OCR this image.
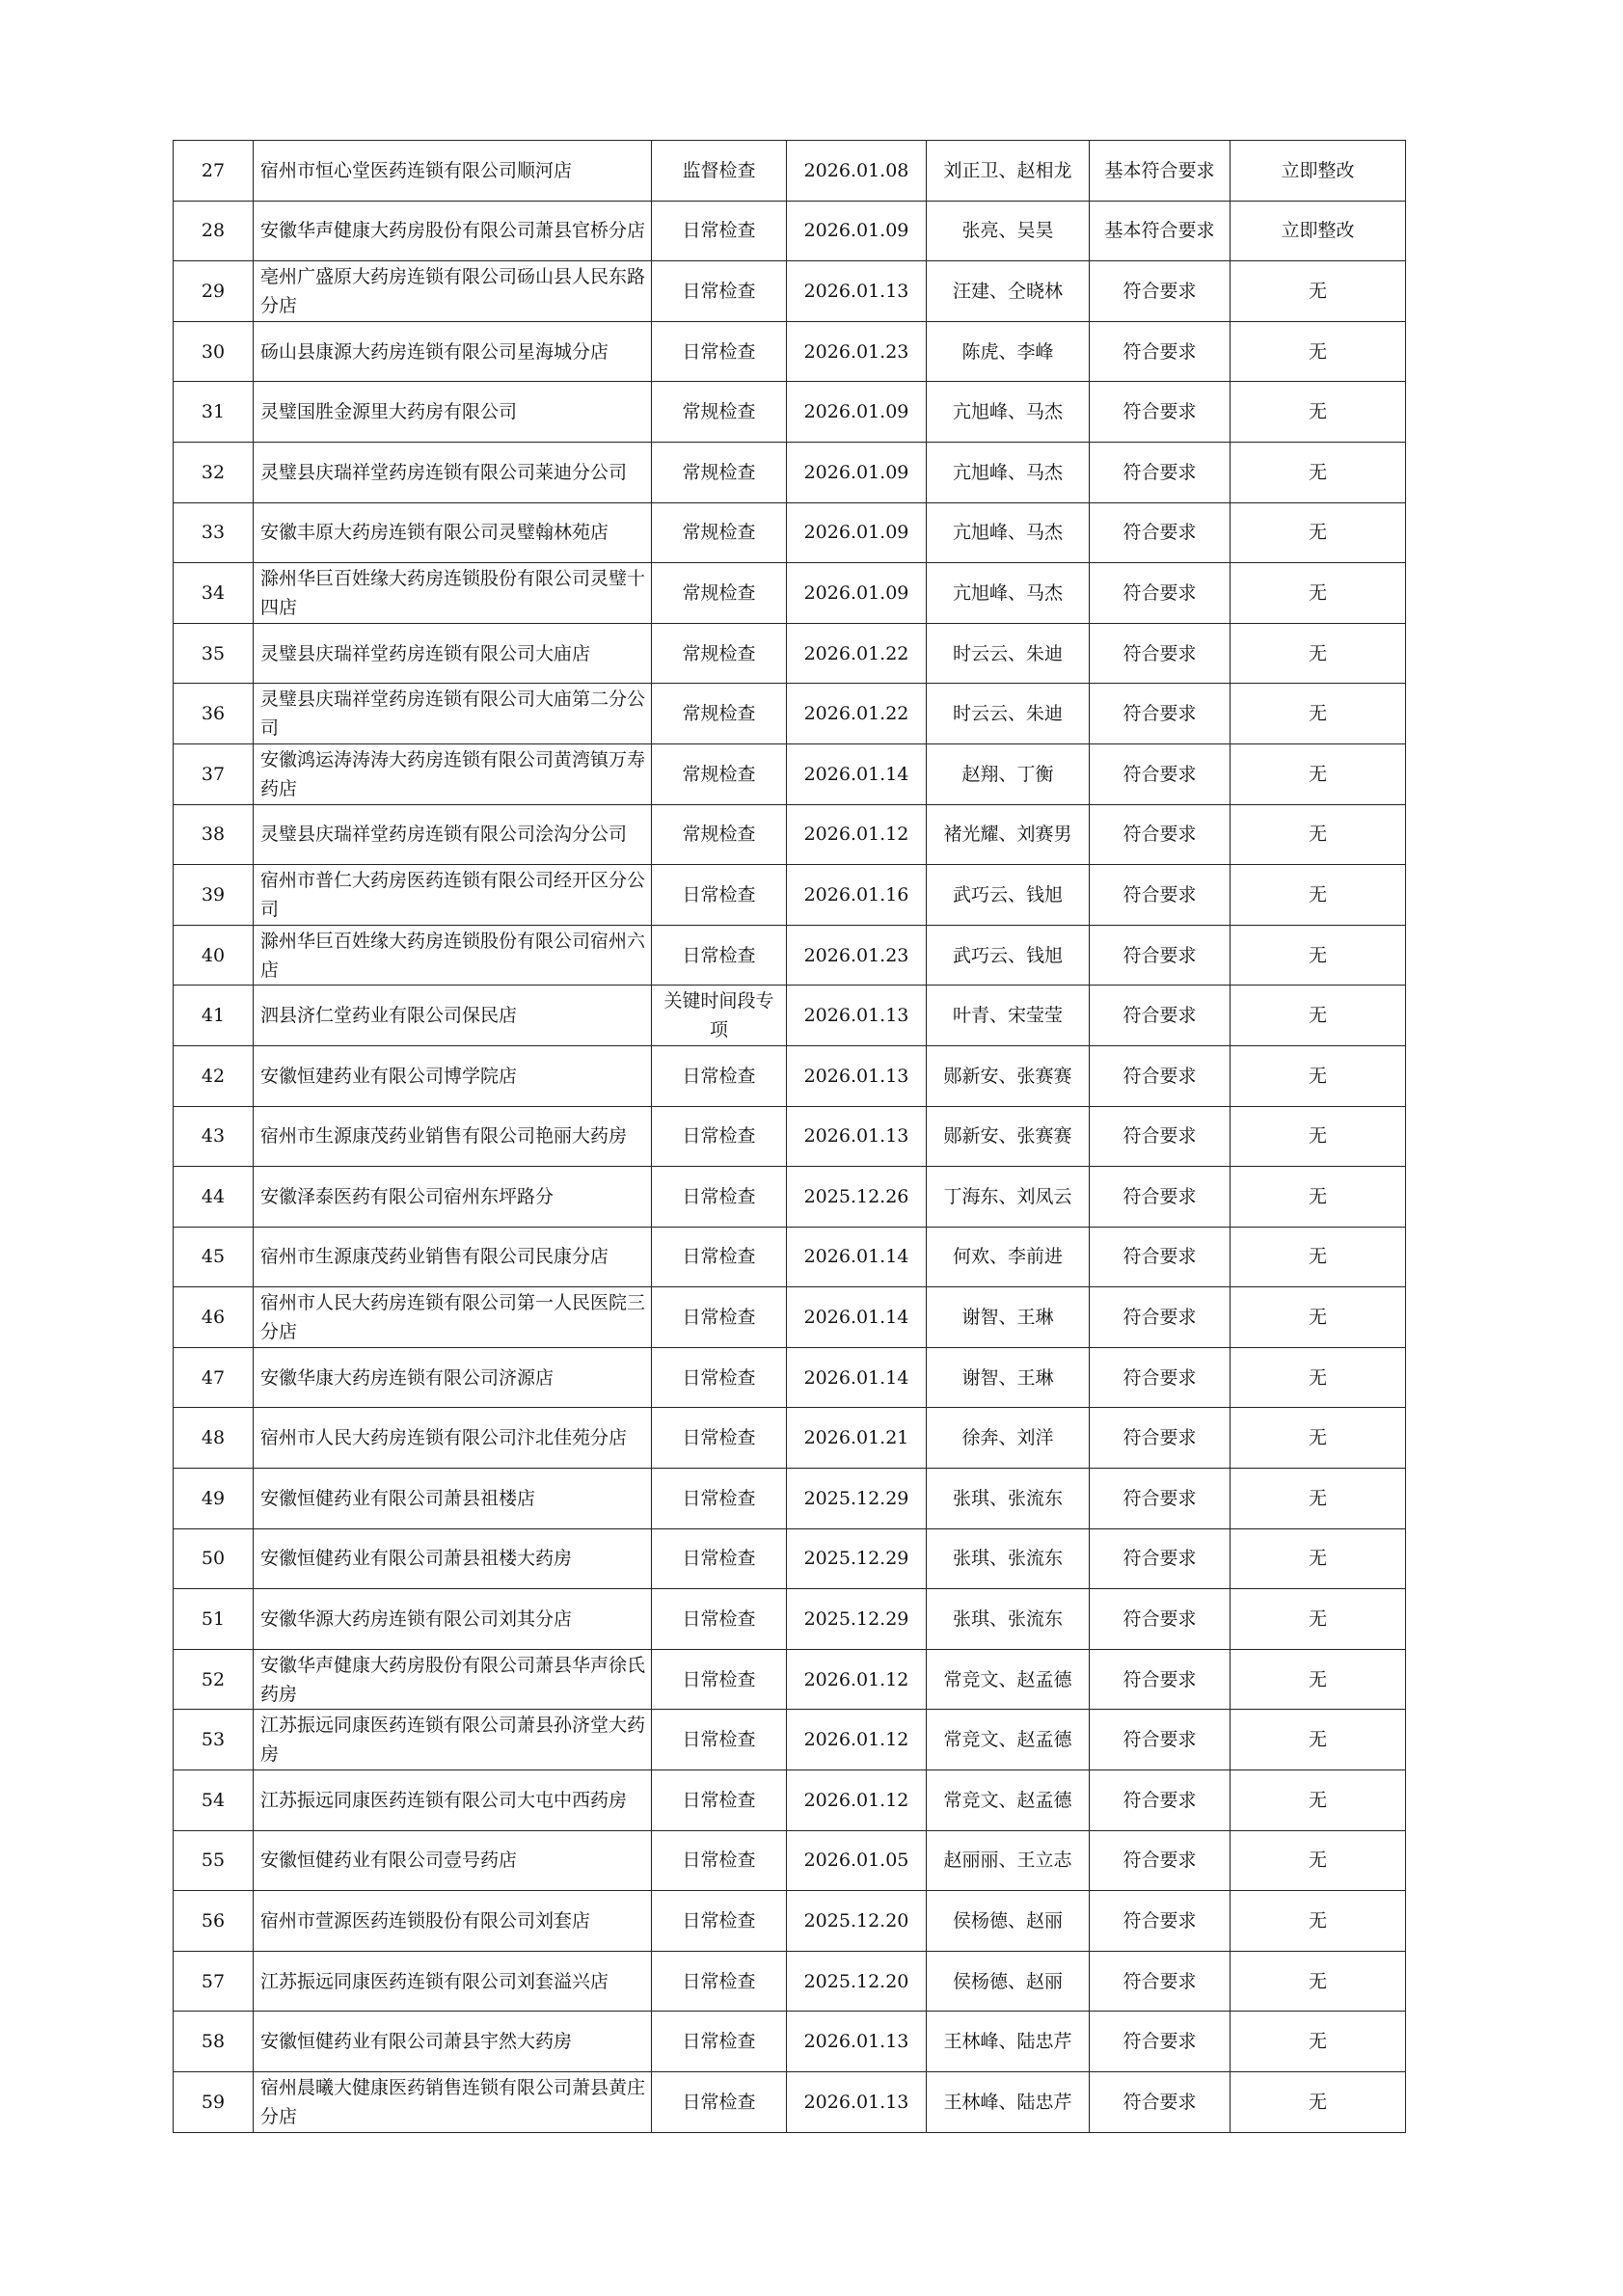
27	宿州市恒心堂医药连锁有限公司顺河店	监督检查	2026.01.08	刘正卫、赵相龙	基本符合要求	立即整改
28	安徽华声健康大药房股份有限公司萧县官桥分店	日常检查	2026.01.09	张亮、吴昊	基本符合要求	立即整改
29	亳州广盛原大药房连锁有限公司砀山县人民东路分店	日常检查	2026.01.13	汪建、仝晓林	符合要求	无
30	砀山县康源大药房连锁有限公司星海城分店	日常检查	2026.01.23	陈虎、李峰	符合要求	无
31	灵璧国胜金源里大药房有限公司	常规检查	2026.01.09	亢旭峰、马杰	符合要求	无
32	灵璧县庆瑞祥堂药房连锁有限公司莱迪分公司	常规检查	2026.01.09	亢旭峰、马杰	符合要求	无
33	安徽丰原大药房连锁有限公司灵璧翰林苑店	常规检查	2026.01.09	亢旭峰、马杰	符合要求	无
34	滁州华巨百姓缘大药房连锁股份有限公司灵璧十四店	常规检查	2026.01.09	亢旭峰、马杰	符合要求	无
35	灵璧县庆瑞祥堂药房连锁有限公司大庙店	常规检查	2026.01.22	时云云、朱迪	符合要求	无
36	灵璧县庆瑞祥堂药房连锁有限公司大庙第二分公司	常规检查	2026.01.22	时云云、朱迪	符合要求	无
37	安徽鸿运涛涛涛大药房连锁有限公司黄湾镇万寿药店	常规检查	2026.01.14	赵翔、丁衡	符合要求	无
38	灵璧县庆瑞祥堂药房连锁有限公司浍沟分公司	常规检查	2026.01.12	褚光耀、刘赛男	符合要求	无
39	宿州市普仁大药房医药连锁有限公司经开区分公司	日常检查	2026.01.16	武巧云、钱旭	符合要求	无
40	滁州华巨百姓缘大药房连锁股份有限公司宿州六店	日常检查	2026.01.23	武巧云、钱旭	符合要求	无
41	泗县济仁堂药业有限公司保民店	关键时间段专项	2026.01.13	叶青、宋莹莹	符合要求	无
42	安徽恒建药业有限公司博学院店	日常检查	2026.01.13	郧新安、张赛赛	符合要求	无
43	宿州市生源康茂药业销售有限公司艳丽大药房	日常检查	2026.01.13	郧新安、张赛赛	符合要求	无
44	安徽泽泰医药有限公司宿州东坪路分	日常检查	2025.12.26	丁海东、刘凤云	符合要求	无
45	宿州市生源康茂药业销售有限公司民康分店	日常检查	2026.01.14	何欢、李前进	符合要求	无
46	宿州市人民大药房连锁有限公司第一人民医院三分店	日常检查	2026.01.14	谢智、王琳	符合要求	无
47	安徽华康大药房连锁有限公司济源店	日常检查	2026.01.14	谢智、王琳	符合要求	无
48	宿州市人民大药房连锁有限公司汴北佳苑分店	日常检查	2026.01.21	徐奔、刘洋	符合要求	无
49	安徽恒健药业有限公司萧县祖楼店	日常检查	2025.12.29	张琪、张流东	符合要求	无
50	安徽恒健药业有限公司萧县祖楼大药房	日常检查	2025.12.29	张琪、张流东	符合要求	无
51	安徽华源大药房连锁有限公司刘其分店	日常检查	2025.12.29	张琪、张流东	符合要求	无
52	安徽华声健康大药房股份有限公司萧县华声徐氏药房	日常检查	2026.01.12	常竞文、赵孟德	符合要求	无
53	江苏振远同康医药连锁有限公司萧县孙济堂大药房	日常检查	2026.01.12	常竞文、赵孟德	符合要求	无
54	江苏振远同康医药连锁有限公司大屯中西药房	日常检查	2026.01.12	常竞文、赵孟德	符合要求	无
55	安徽恒健药业有限公司壹号药店	日常检查	2026.01.05	赵丽丽、王立志	符合要求	无
56	宿州市萱源医药连锁股份有限公司刘套店	日常检查	2025.12.20	侯杨德、赵丽	符合要求	无
57	江苏振远同康医药连锁有限公司刘套溢兴店	日常检查	2025.12.20	侯杨德、赵丽	符合要求	无
58	安徽恒健药业有限公司萧县宇然大药房	日常检查	2026.01.13	王林峰、陆忠芹	符合要求	无
59	宿州晨曦大健康医药销售连锁有限公司萧县黄庄分店	日常检查	2026.01.13	王林峰、陆忠芹	符合要求	无
